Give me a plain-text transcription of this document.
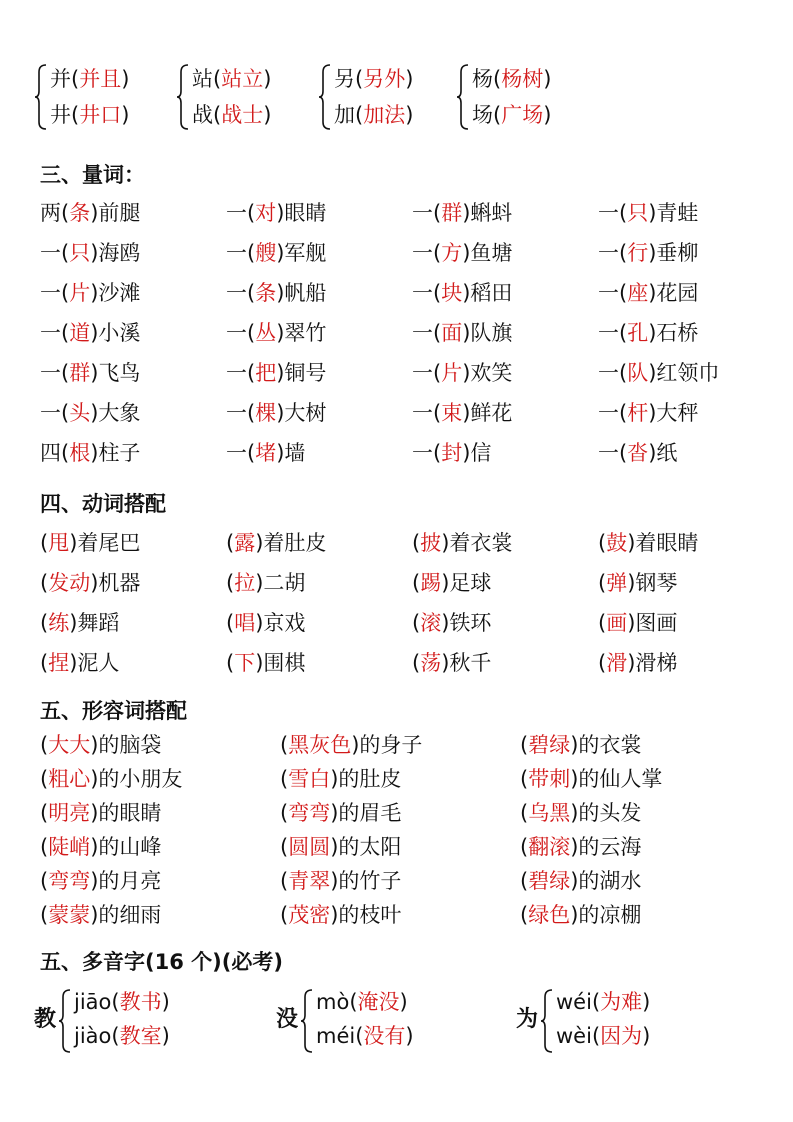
并(并且)
井(井口)
站(站立)
战(战士)
另(另外)
加(加法)
杨(杨树)
场(广场)
三、量词：
两(条)前腿	一(对)眼睛	一(群)蝌蚪	一(只)青蛙
一(只)海鸥	一(艘)军舰	一(方)鱼塘	一(行)垂柳
一(片)沙滩	一(条)帆船	一(块)稻田	一(座)花园
一(道)小溪	一(丛)翠竹	一(面)队旗	一(孔)石桥
一(群)飞鸟	一(把)铜号	一(片)欢笑	一(队)红领巾
一(头)大象	一(棵)大树	一(束)鲜花	一(杆)大秤
四(根)柱子	一(堵)墙	一(封)信	一(沓)纸
四、动词搭配
(甩)着尾巴	(露)着肚皮	(披)着衣裳	(鼓)着眼睛
(发动)机器	(拉)二胡	(踢)足球	(弹)钢琴
(练)舞蹈	(唱)京戏	(滚)铁环	(画)图画
(捏)泥人	(下)围棋	(荡)秋千	(滑)滑梯
五、形容词搭配
(大大)的脑袋	(黑灰色)的身子	(碧绿)的衣裳
(粗心)的小朋友	(雪白)的肚皮	(带刺)的仙人掌
(明亮)的眼睛	(弯弯)的眉毛	(乌黑)的头发
(陡峭)的山峰	(圆圆)的太阳	(翻滚)的云海
(弯弯)的月亮	(青翠)的竹子	(碧绿)的湖水
(蒙蒙)的细雨	(茂密)的枝叶	(绿色)的凉棚
五、多音字(16 个)(必考)
教
jiāo(教书)
jiào(教室)
没
mò(淹没)
méi(没有)
为
wéi(为难)
wèi(因为)
